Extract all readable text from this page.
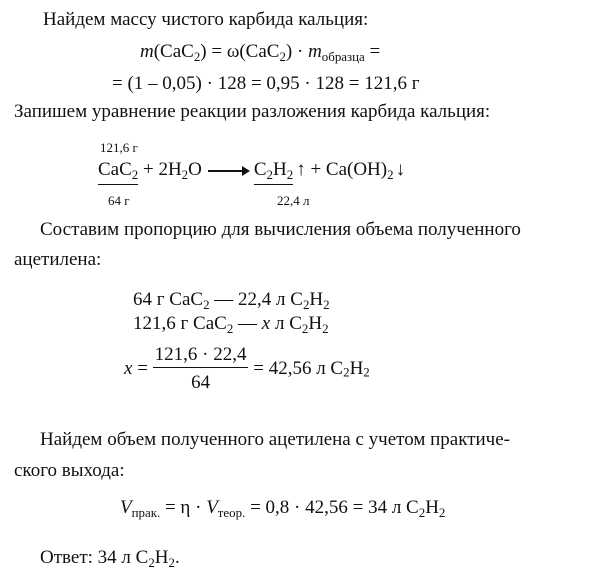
Найдем массу чистого карбида кальция:
$m(CaC_2) = \omega(CaC_2) \cdot m_{образца}$ =
= (1 – 0,05) · 128 = 0,95 · 128 = 121,6 г
Запишем уравнение реакции разложения карбида кальция:
121,6 г
64 г	22,4 л
$CaC_2 + 2H_2O \to C_2H_2$ ↑ + $Ca(OH)_2$ ↓
Составим пропорцию для вычисления объема полученного
ацетилена:
64 г CaC$_2$ — 22,4 л $C_2H_2$
121,6 г CaC$_2$ — x л $C_2H_2$
$x = \frac{121,6 \cdot 22,4}{64} = 42,56$ л $C_2H_2$
Найдем объем полученного ацетилена с учетом практиче-
ского выхода:
$V_{прак.} = \eta \cdot V_{теор.} = 0,8 \cdot 42,56 = 34$ л $C_2H_2$
Ответ: 34 л $C_2H_2$.
